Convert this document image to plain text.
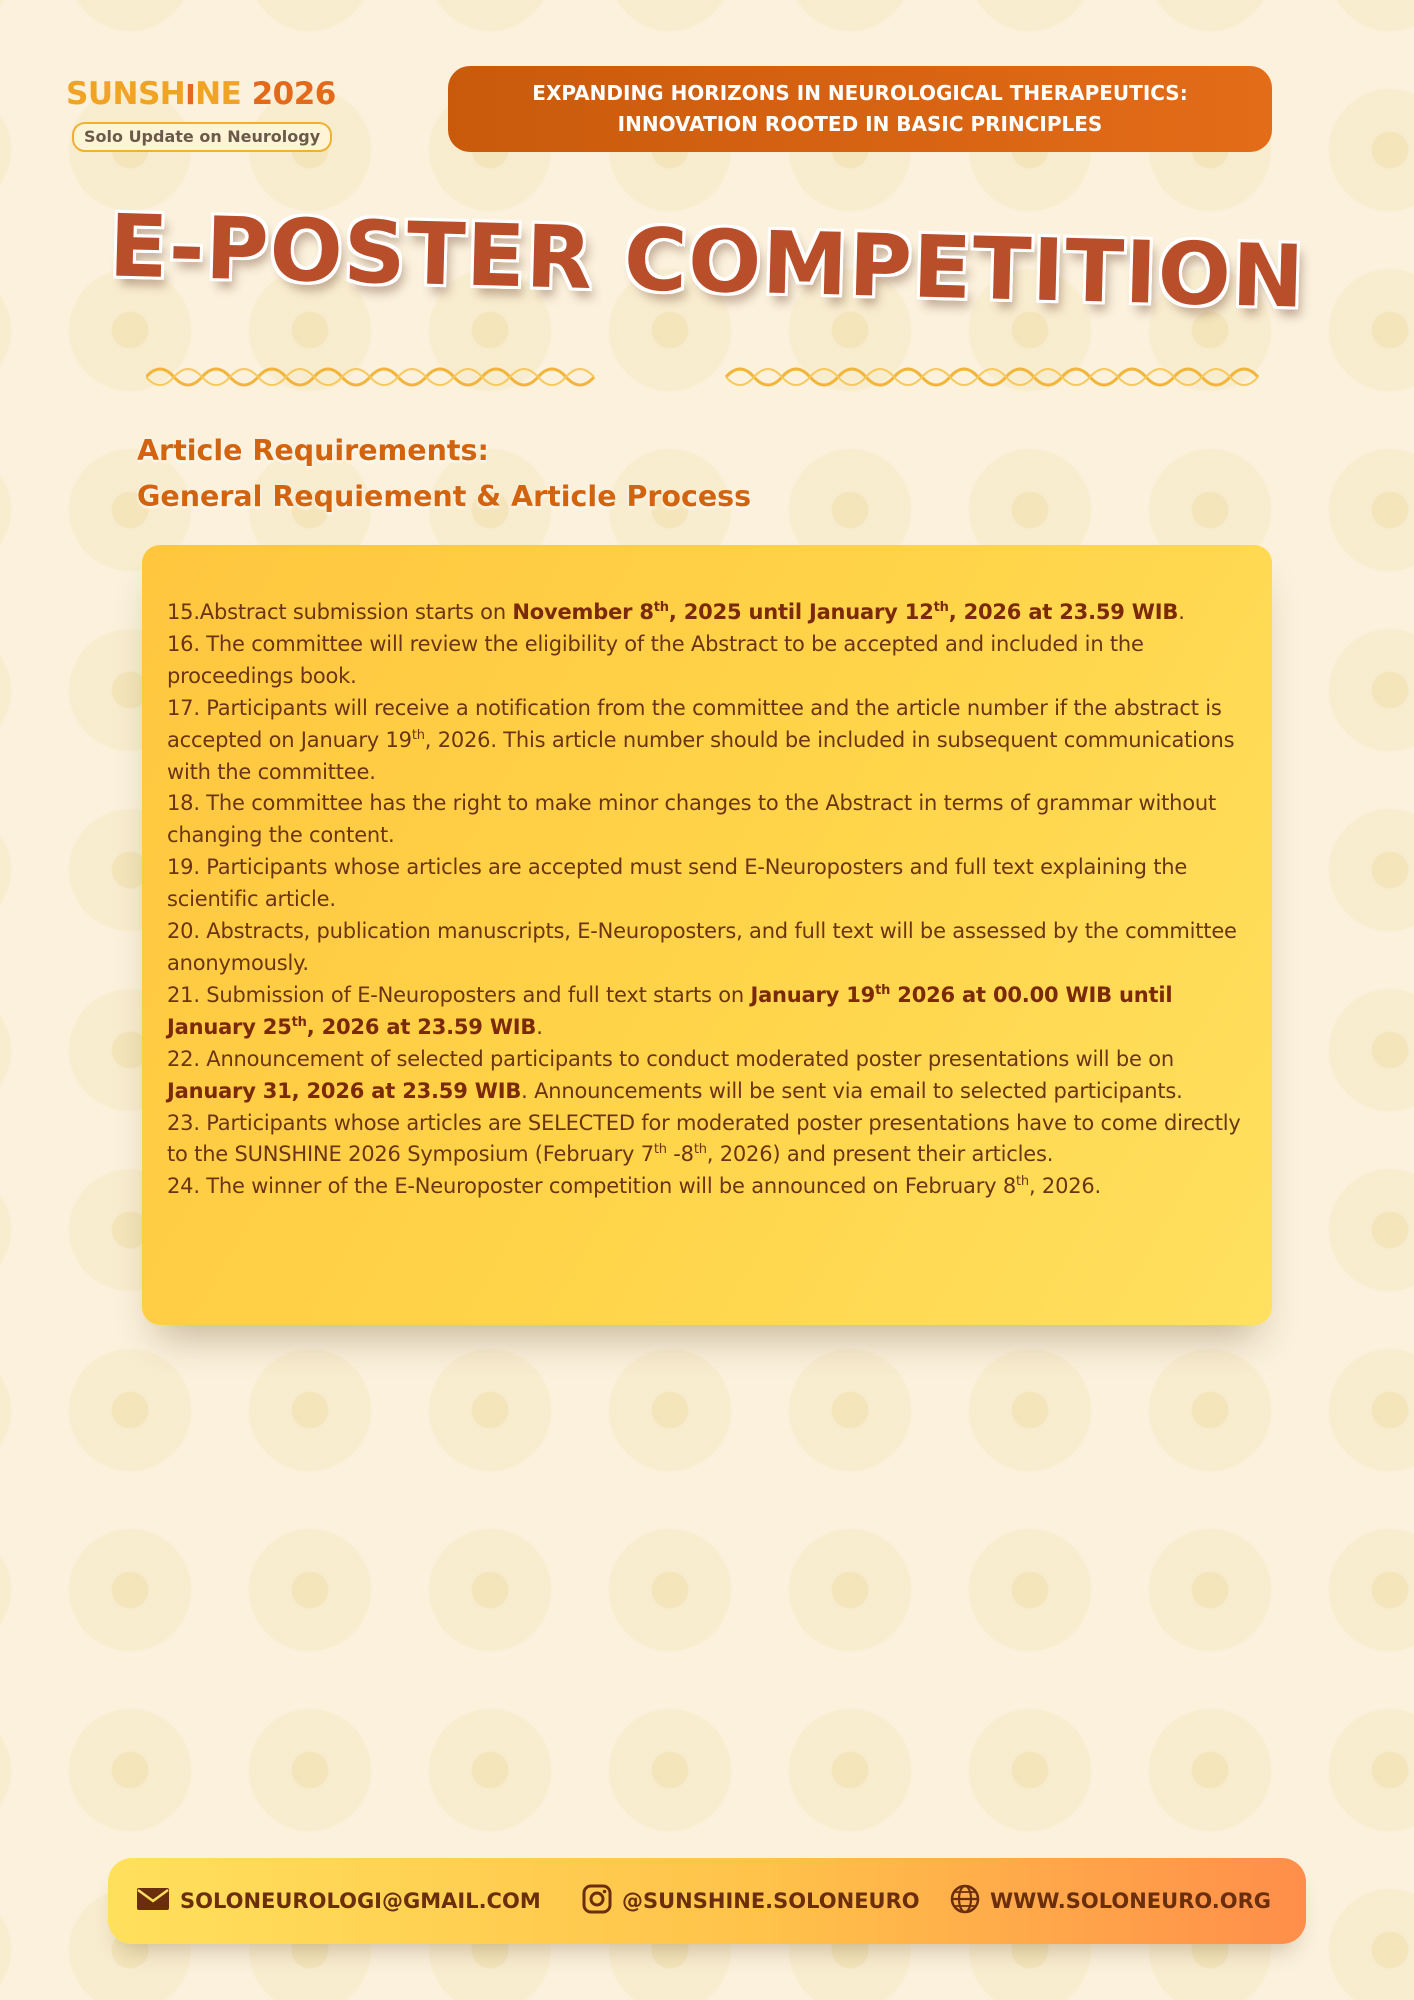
SUNSHINE 2026
Solo Update on Neurology
EXPANDING HORIZONS IN NEUROLOGICAL THERAPEUTICS:
INNOVATION ROOTED IN BASIC PRINCIPLES
E-POSTER COMPETITION
Article Requirements:
General Requiement & Article Process

15.Abstract submission starts on November 8th, 2025 until January 12th, 2026 at 23.59 WIB.

16. The committee will review the eligibility of the Abstract to be accepted and included in the proceedings book.

17. Participants will receive a notification from the committee and the article number if the abstract is accepted on January 19th, 2026. This article number should be included in subsequent communications with the committee.

18. The committee has the right to make minor changes to the Abstract in terms of grammar without changing the content.

19. Participants whose articles are accepted must send E-Neuroposters and full text explaining the scientific article.

20. Abstracts, publication manuscripts, E-Neuroposters, and full text will be assessed by the committee anonymously.

21. Submission of E-Neuroposters and full text starts on January 19th 2026 at 00.00 WIB until January 25th, 2026 at 23.59 WIB.

22. Announcement of selected participants to conduct moderated poster presentations will be on January 31, 2026 at 23.59 WIB. Announcements will be sent via email to selected participants.

23. Participants whose articles are SELECTED for moderated poster presentations have to come directly to the SUNSHINE 2026 Symposium (February 7th -8th, 2026) and present their articles.

24. The winner of the E-Neuroposter competition will be announced on February 8th, 2026.

SOLONEUROLOGI@GMAIL.COM	@SUNSHINE.SOLONEURO	WWW.SOLONEURO.ORG
